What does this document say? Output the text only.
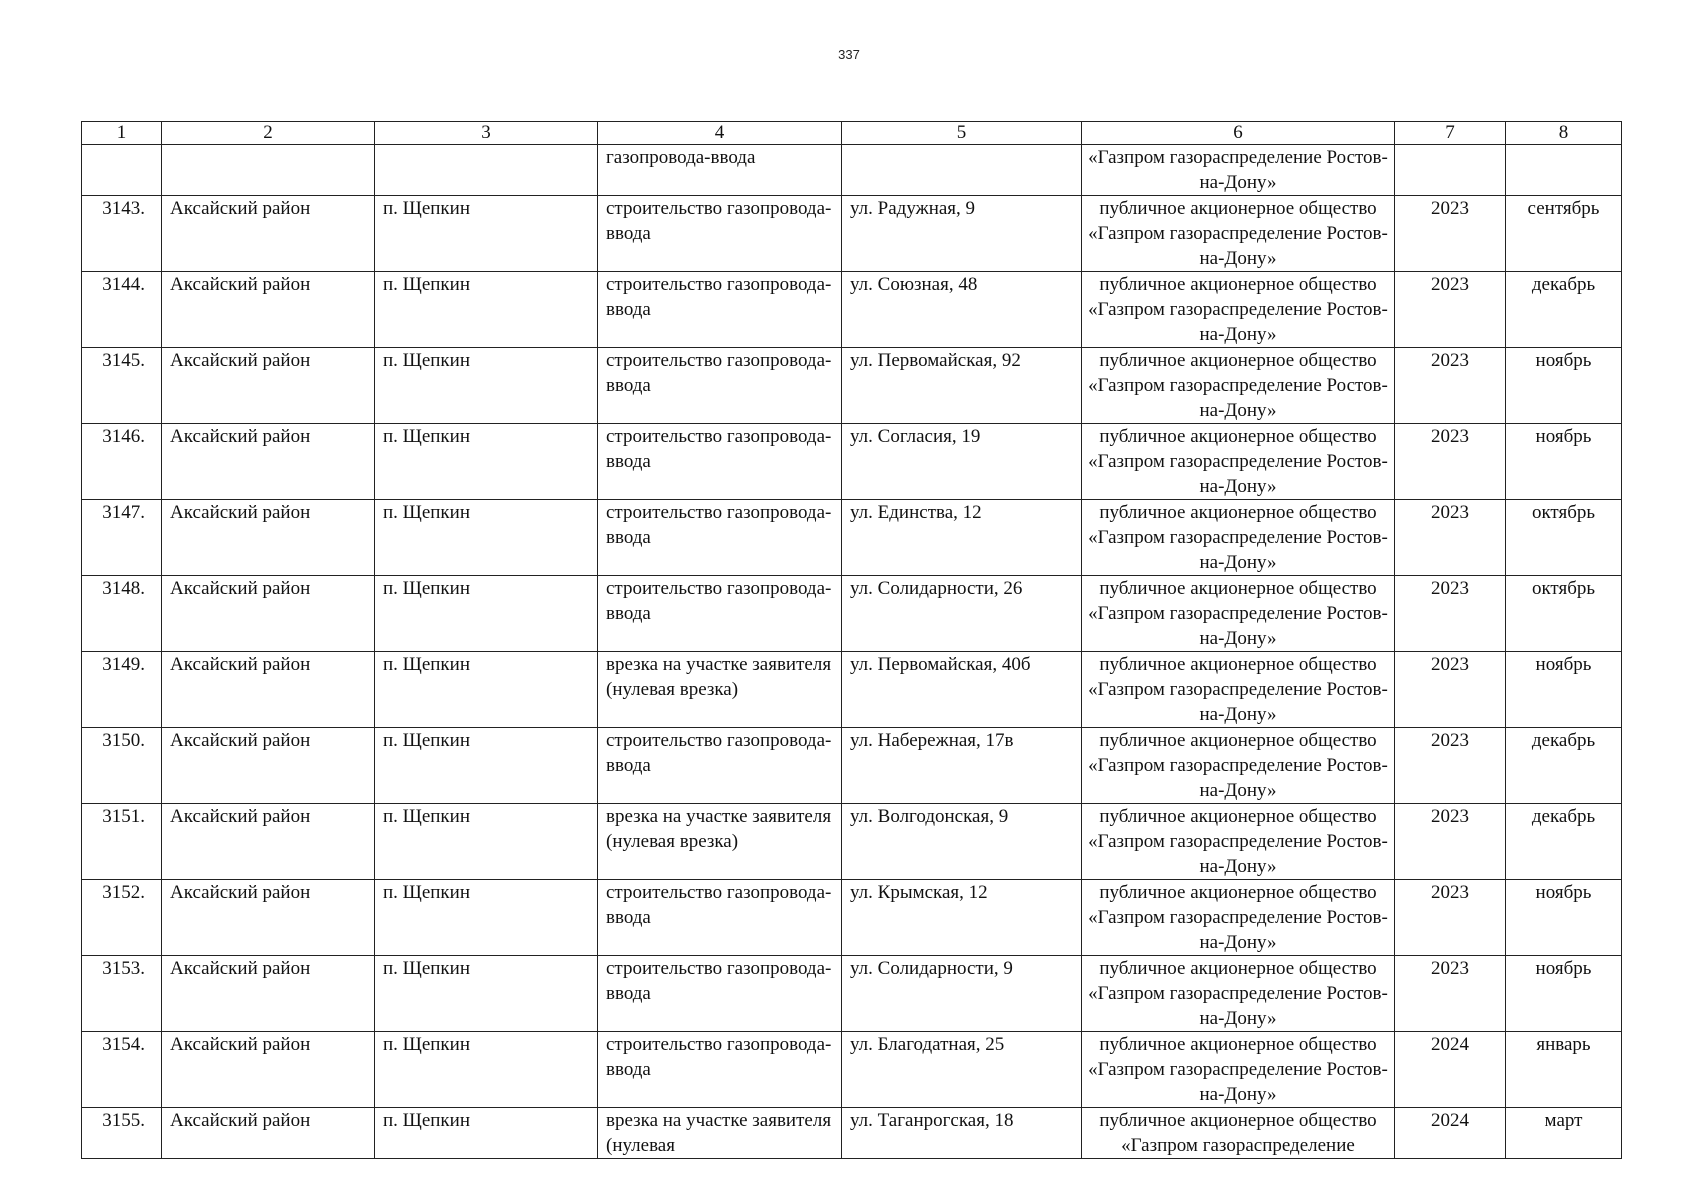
337
1	2	3	4	5	6	7	8
			газопровода-ввода		«Газпром газораспределение Ростов-на-Дону»		
3143.	Аксайский район	п. Щепкин	строительство газопровода-ввода	ул. Радужная, 9	публичное акционерное общество «Газпром газораспределение Ростов-на-Дону»	2023	сентябрь
3144.	Аксайский район	п. Щепкин	строительство газопровода-ввода	ул. Союзная, 48	публичное акционерное общество «Газпром газораспределение Ростов-на-Дону»	2023	декабрь
3145.	Аксайский район	п. Щепкин	строительство газопровода-ввода	ул. Первомайская, 92	публичное акционерное общество «Газпром газораспределение Ростов-на-Дону»	2023	ноябрь
3146.	Аксайский район	п. Щепкин	строительство газопровода-ввода	ул. Согласия, 19	публичное акционерное общество «Газпром газораспределение Ростов-на-Дону»	2023	ноябрь
3147.	Аксайский район	п. Щепкин	строительство газопровода-ввода	ул. Единства, 12	публичное акционерное общество «Газпром газораспределение Ростов-на-Дону»	2023	октябрь
3148.	Аксайский район	п. Щепкин	строительство газопровода-ввода	ул. Солидарности, 26	публичное акционерное общество «Газпром газораспределение Ростов-на-Дону»	2023	октябрь
3149.	Аксайский район	п. Щепкин	врезка на участке заявителя (нулевая врезка)	ул. Первомайская, 40б	публичное акционерное общество «Газпром газораспределение Ростов-на-Дону»	2023	ноябрь
3150.	Аксайский район	п. Щепкин	строительство газопровода-ввода	ул. Набережная, 17в	публичное акционерное общество «Газпром газораспределение Ростов-на-Дону»	2023	декабрь
3151.	Аксайский район	п. Щепкин	врезка на участке заявителя (нулевая врезка)	ул. Волгодонская, 9	публичное акционерное общество «Газпром газораспределение Ростов-на-Дону»	2023	декабрь
3152.	Аксайский район	п. Щепкин	строительство газопровода-ввода	ул. Крымская, 12	публичное акционерное общество «Газпром газораспределение Ростов-на-Дону»	2023	ноябрь
3153.	Аксайский район	п. Щепкин	строительство газопровода-ввода	ул. Солидарности, 9	публичное акционерное общество «Газпром газораспределение Ростов-на-Дону»	2023	ноябрь
3154.	Аксайский район	п. Щепкин	строительство газопровода-ввода	ул. Благодатная, 25	публичное акционерное общество «Газпром газораспределение Ростов-на-Дону»	2024	январь
3155.	Аксайский район	п. Щепкин	врезка на участке заявителя (нулевая	ул. Таганрогская, 18	публичное акционерное общество «Газпром газораспределение	2024	март
